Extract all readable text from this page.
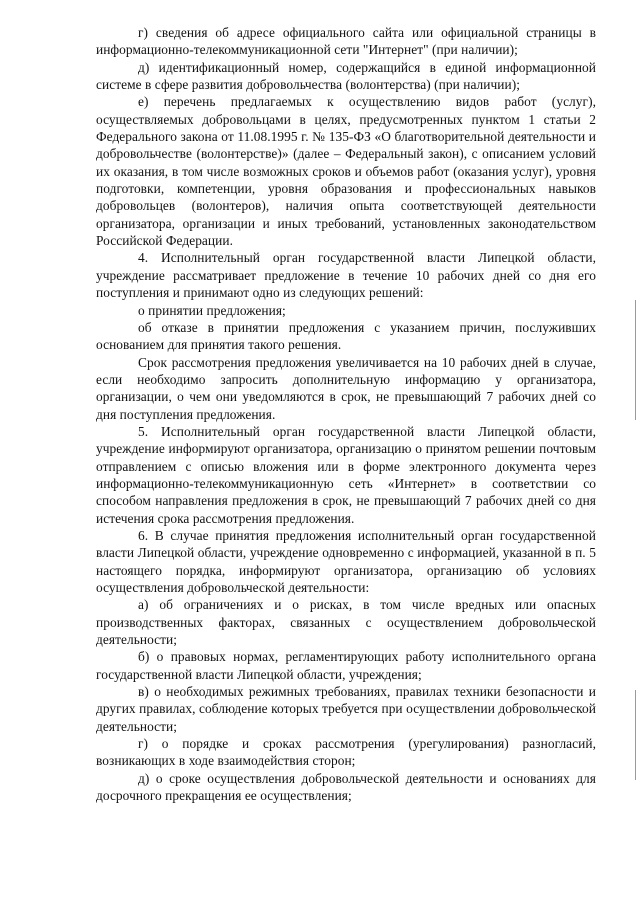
г) сведения об адресе официального сайта или официальной страницы в информационно-телекоммуникационной сети "Интернет" (при наличии);

д) идентификационный номер, содержащийся в единой информационной системе в сфере развития добровольчества (волонтерства) (при наличии);

е) перечень предлагаемых к осуществлению видов работ (услуг), осуществляемых добровольцами в целях, предусмотренных пунктом 1 статьи 2 Федерального закона от 11.08.1995 г. № 135-ФЗ «О благотворительной деятельности и добровольчестве (волонтерстве)» (далее – Федеральный закон), с описанием условий их оказания, в том числе возможных сроков и объемов работ (оказания услуг), уровня подготовки, компетенции, уровня образования и профессиональных навыков добровольцев (волонтеров), наличия опыта соответствующей деятельности организатора, организации и иных требований, установленных законодательством Российской Федерации.

4. Исполнительный орган государственной власти Липецкой области, учреждение рассматривает предложение в течение 10 рабочих дней со дня его поступления и принимают одно из следующих решений:

о принятии предложения;

об отказе в принятии предложения с указанием причин, послуживших основанием для принятия такого решения.

Срок рассмотрения предложения увеличивается на 10 рабочих дней в случае, если необходимо запросить дополнительную информацию у организатора, организации, о чем они уведомляются в срок, не превышающий 7 рабочих дней со дня поступления предложения.

5. Исполнительный орган государственной власти Липецкой области, учреждение информируют организатора, организацию о принятом решении почтовым отправлением с описью вложения или в форме электронного документа через информационно-телекоммуникационную сеть «Интернет» в соответствии со способом направления предложения в срок, не превышающий 7 рабочих дней со дня истечения срока рассмотрения предложения.

6. В случае принятия предложения исполнительный орган государственной власти Липецкой области, учреждение одновременно с информацией, указанной в п. 5 настоящего порядка, информируют организатора, организацию об условиях осуществления добровольческой деятельности:

а) об ограничениях и о рисках, в том числе вредных или опасных производственных факторах, связанных с осуществлением добровольческой деятельности;

б) о правовых нормах, регламентирующих работу исполнительного органа государственной власти Липецкой области, учреждения;

в) о необходимых режимных требованиях, правилах техники безопасности и других правилах, соблюдение которых требуется при осуществлении добровольческой деятельности;

г) о порядке и сроках рассмотрения (урегулирования) разногласий, возникающих в ходе взаимодействия сторон;

д) о сроке осуществления добровольческой деятельности и основаниях для досрочного прекращения ее осуществления;
